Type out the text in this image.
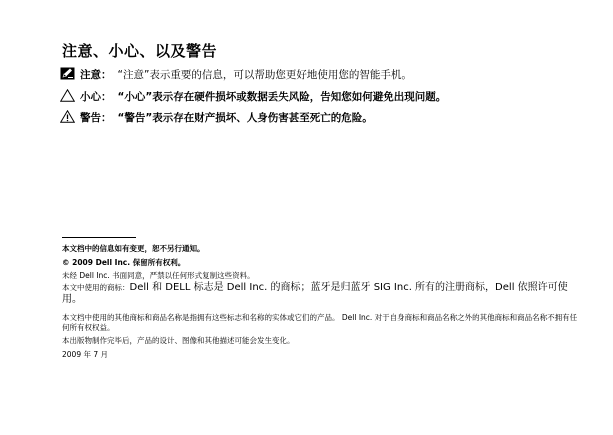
注意、小心、以及警告
注意： “注意”表示重要的信息，可以帮助您更好地使用您的智能手机。
小心： “小心”表示存在硬件损坏或数据丢失风险，告知您如何避免出现问题。
警告： “警告”表示存在财产损坏、人身伤害甚至死亡的危险。
本文档中的信息如有变更，恕不另行通知。
© 2009 Dell Inc. 保留所有权利。
未经 Dell Inc. 书面同意，严禁以任何形式复制这些资料。
本文中使用的商标：Dell 和 DELL 标志是 Dell Inc. 的商标；蓝牙是归蓝牙 SIG Inc. 所有的注册商标，Dell 依照许可使用。
本文档中使用的其他商标和商品名称是指拥有这些标志和名称的实体或它们的产品。 Dell Inc. 对于自身商标和商品名称之外的其他商标和商品名称不拥有任何所有权权益。
本出版物制作完毕后，产品的设计、图像和其他描述可能会发生变化。
2009 年 7 月
